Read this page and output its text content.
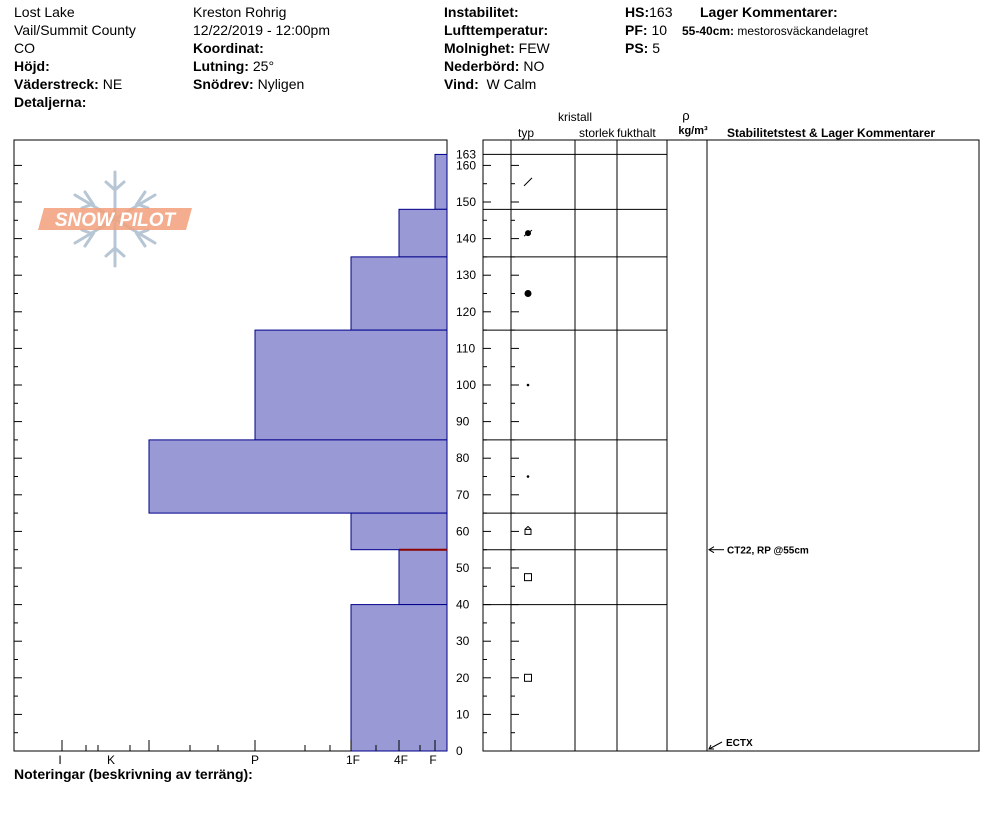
Lost Lake
Vail/Summit County
CO
Höjd:
Väderstreck: NE
Detaljerna:
Kreston Rohrig
12/22/2019 - 12:00pm
Koordinat:
Lutning: 25°
Snödrev: Nyligen
Instabilitet:
Lufttemperatur:
Molnighet: FEW
Nederbörd: NO
Vind: W Calm
HS:163
PF: 10
PS: 5
Lager Kommentarer:
55-40cm: mestorosväckandelagret
SNOW PILOT
I	K	P	1F	4F F
0
10
20
30
40
50
60
70
80
90
100
110
120
130
140
150
160
163
CT22, RP @55cm
ECTX
kristall
typ	storlek fukthalt
ρ
kg/m³ Stabilitetstest & Lager Kommentarer
Noteringar (beskrivning av terräng):
